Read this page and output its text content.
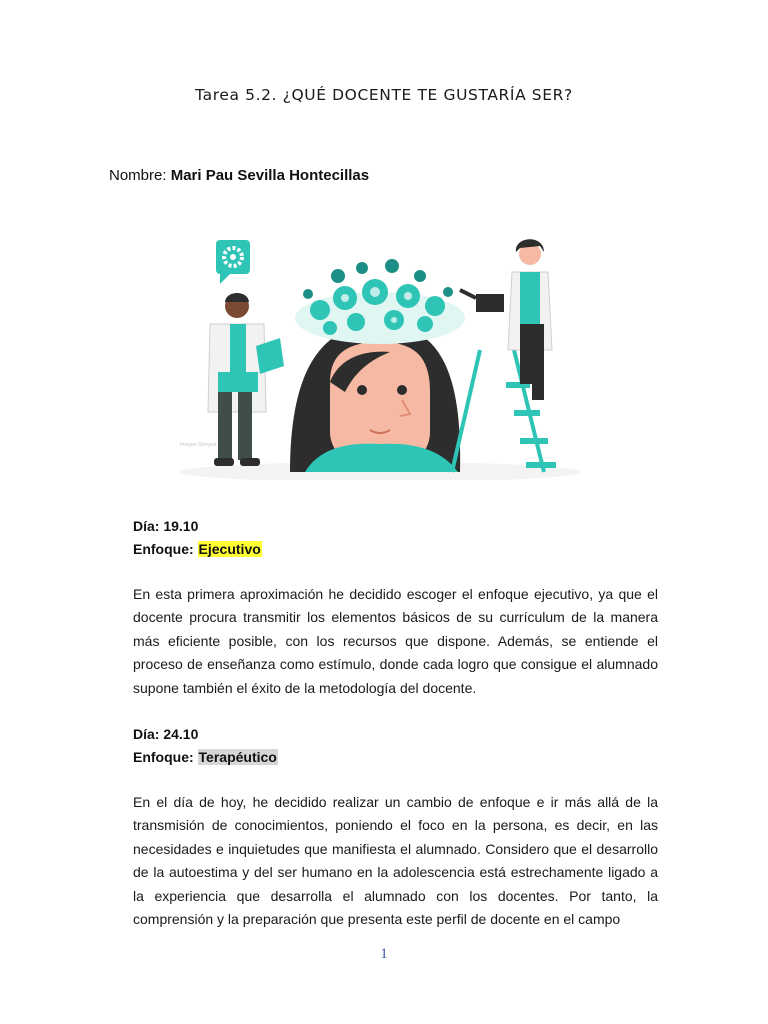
Tarea 5.2. ¿QUÉ DOCENTE TE GUSTARÍA SER?
Nombre: Mari Pau Sevilla Hontecillas
Imagen Storyset
Día: 19.10
Enfoque: Ejecutivo

En esta primera aproximación he decidido escoger el enfoque ejecutivo, ya que el docente procura transmitir los elementos básicos de su currículum de la manera más eficiente posible, con los recursos que dispone. Además, se entiende el proceso de enseñanza como estímulo, donde cada logro que consigue el alumnado supone también el éxito de la metodología del docente.

Día: 24.10
Enfoque: Terapéutico

En el día de hoy, he decidido realizar un cambio de enfoque e ir más allá de la transmisión de conocimientos, poniendo el foco en la persona, es decir, en las necesidades e inquietudes que manifiesta el alumnado. Considero que el desarrollo de la autoestima y del ser humano en la adolescencia está estrechamente ligado a la experiencia que desarrolla el alumnado con los docentes. Por tanto, la comprensión y la preparación que presenta este perfil de docente en el campo

1
